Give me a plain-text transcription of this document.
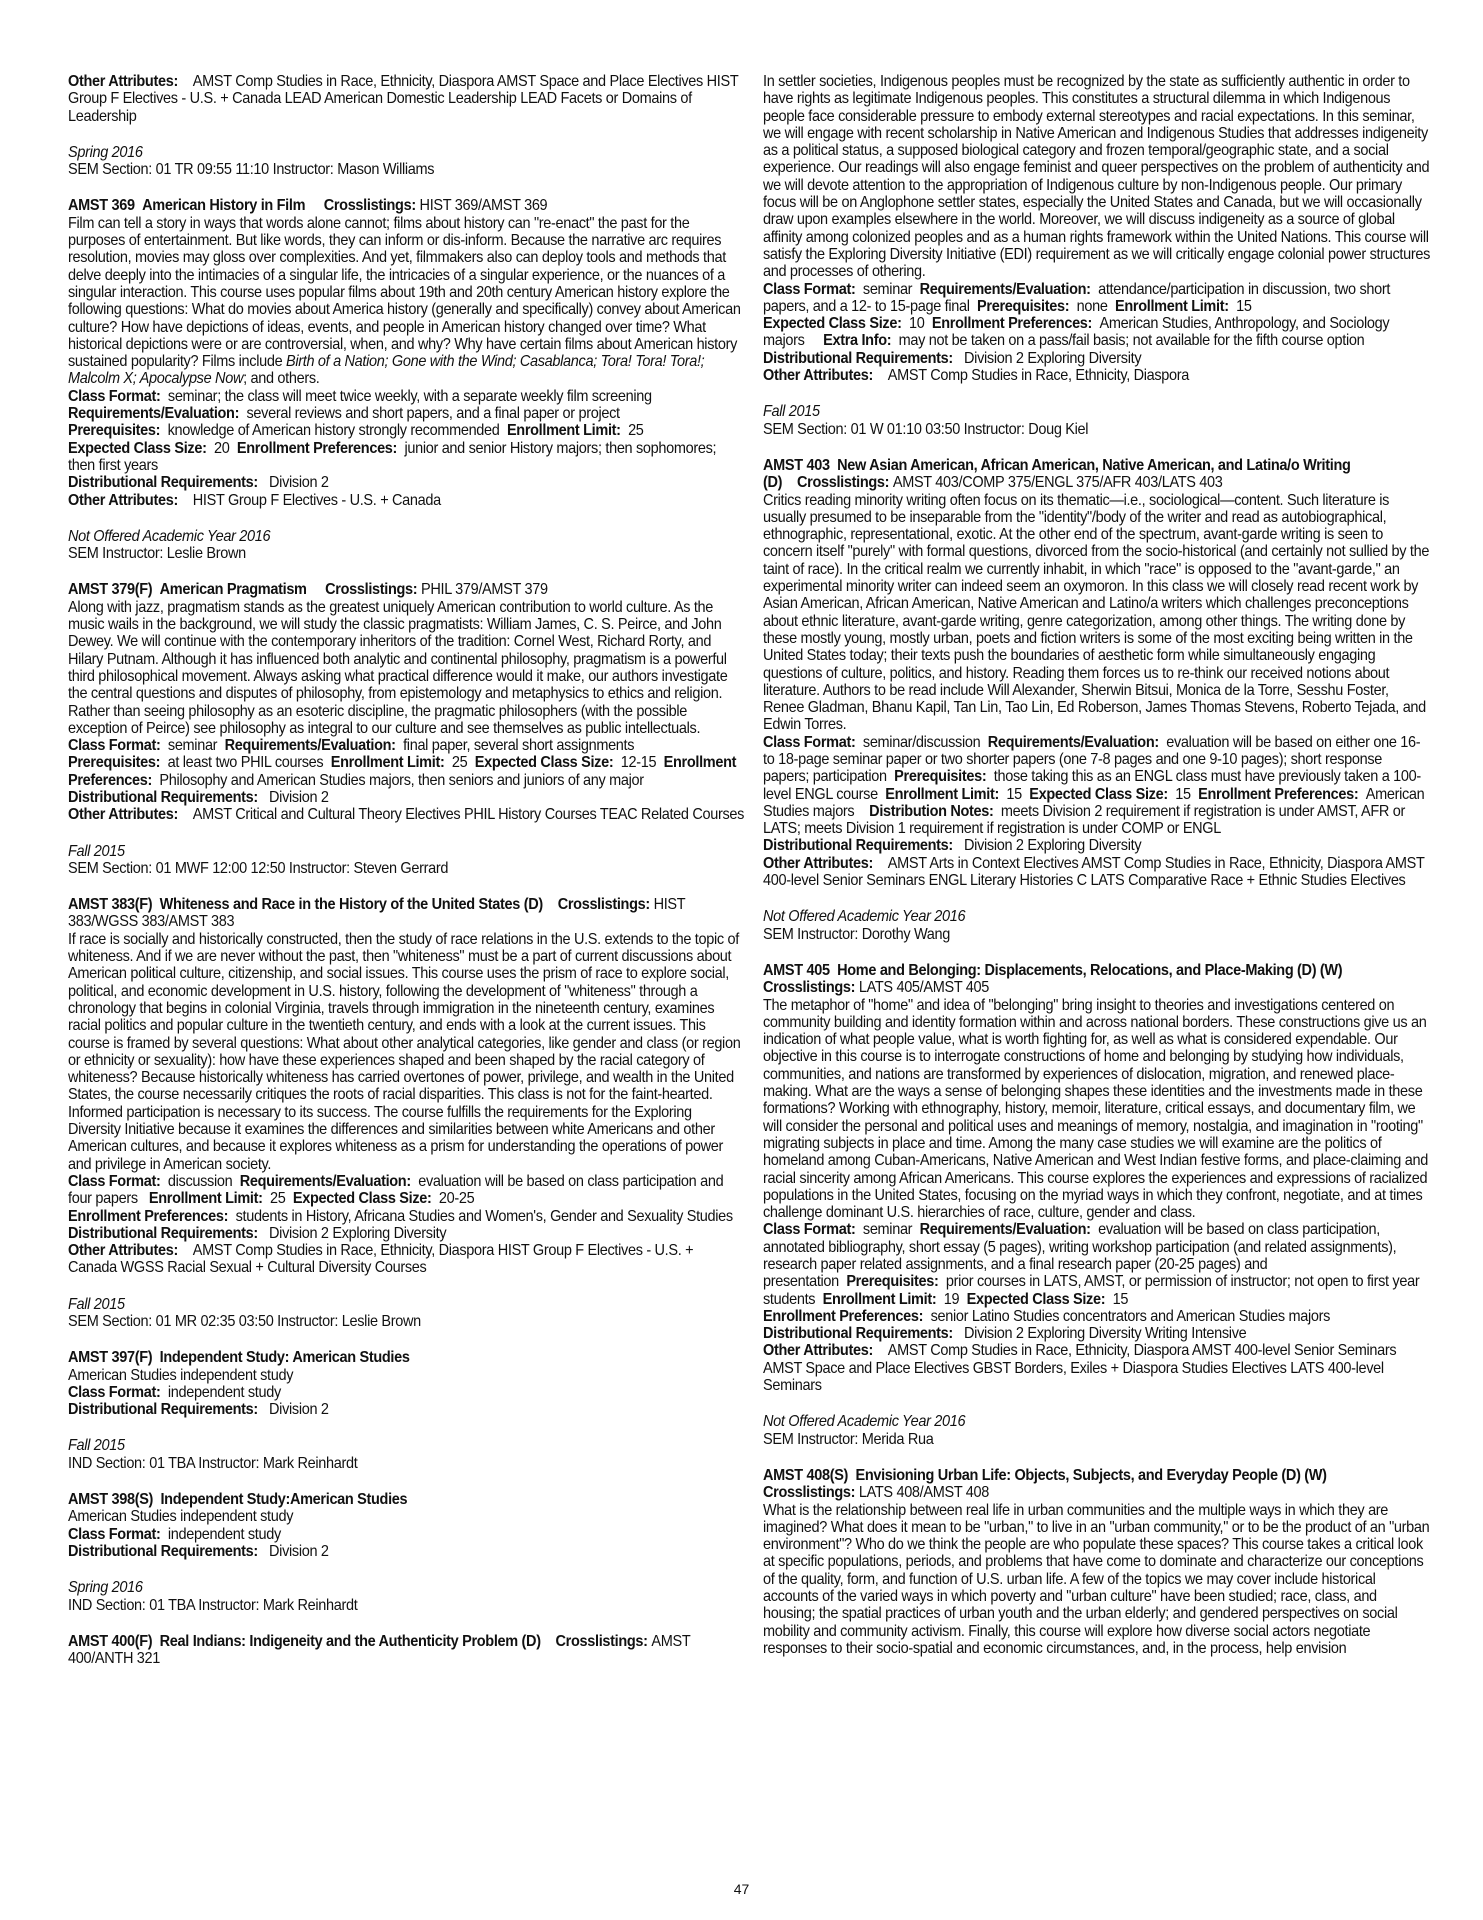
Other Attributes: AMST Comp Studies in Race, Ethnicity, Diaspora AMST Space and Place Electives HIST Group F Electives - U.S. + Canada LEAD American Domestic Leadership LEAD Facets or Domains of Leadership

Spring 2016
SEM Section: 01 TR 09:55 11:10 Instructor: Mason Williams

AMST 369 American History in Film Crosslistings: HIST 369/AMST 369

Film can tell a story in ways that words alone cannot; films about history can "re-enact" the past for the purposes of entertainment. But like words, they can inform or dis-inform. Because the narrative arc requires resolution, movies may gloss over complexities. And yet, filmmakers also can deploy tools and methods that delve deeply into the intimacies of a singular life, the intricacies of a singular experience, or the nuances of a singular interaction. This course uses popular films about 19th and 20th century American history explore the following questions: What do movies about America history (generally and specifically) convey about American culture? How have depictions of ideas, events, and people in American history changed over time? What historical depictions were or are controversial, when, and why? Why have certain films about American history sustained popularity? Films include Birth of a Nation; Gone with the Wind; Casablanca; Tora! Tora! Tora!; Malcolm X; Apocalypse Now; and others.

Class Format: seminar; the class will meet twice weekly, with a separate weekly film screening
Requirements/Evaluation: several reviews and short papers, and a final paper or project
Prerequisites: knowledge of American history strongly recommended Enrollment Limit: 25
Expected Class Size: 20 Enrollment Preferences: junior and senior History majors; then sophomores; then first years
Distributional Requirements: Division 2
Other Attributes: HIST Group F Electives - U.S. + Canada

Not Offered Academic Year 2016
SEM Instructor: Leslie Brown

AMST 379(F) American Pragmatism Crosslistings: PHIL 379/AMST 379

Along with jazz, pragmatism stands as the greatest uniquely American contribution to world culture. As the music wails in the background, we will study the classic pragmatists: William James, C. S. Peirce, and John Dewey. We will continue with the contemporary inheritors of the tradition: Cornel West, Richard Rorty, and Hilary Putnam. Although it has influenced both analytic and continental philosophy, pragmatism is a powerful third philosophical movement. Always asking what practical difference would it make, our authors investigate the central questions and disputes of philosophy, from epistemology and metaphysics to ethics and religion. Rather than seeing philosophy as an esoteric discipline, the pragmatic philosophers (with the possible exception of Peirce) see philosophy as integral to our culture and see themselves as public intellectuals.

Class Format: seminar Requirements/Evaluation: final paper, several short assignments
Prerequisites: at least two PHIL courses Enrollment Limit: 25 Expected Class Size: 12-15 Enrollment Preferences: Philosophy and American Studies majors, then seniors and juniors of any major
Distributional Requirements: Division 2
Other Attributes: AMST Critical and Cultural Theory Electives PHIL History Courses TEAC Related Courses

Fall 2015
SEM Section: 01 MWF 12:00 12:50 Instructor: Steven Gerrard

AMST 383(F) Whiteness and Race in the History of the United States (D) Crosslistings: HIST 383/WGSS 383/AMST 383

If race is socially and historically constructed, then the study of race relations in the U.S. extends to the topic of whiteness. And if we are never without the past, then "whiteness" must be a part of current discussions about American political culture, citizenship, and social issues. This course uses the prism of race to explore social, political, and economic development in U.S. history, following the development of "whiteness" through a chronology that begins in colonial Virginia, travels through immigration in the nineteenth century, examines racial politics and popular culture in the twentieth century, and ends with a look at the current issues. This course is framed by several questions: What about other analytical categories, like gender and class (or region or ethnicity or sexuality): how have these experiences shaped and been shaped by the racial category of whiteness? Because historically whiteness has carried overtones of power, privilege, and wealth in the United States, the course necessarily critiques the roots of racial disparities. This class is not for the faint-hearted. Informed participation is necessary to its success. The course fulfills the requirements for the Exploring Diversity Initiative because it examines the differences and similarities between white Americans and other American cultures, and because it explores whiteness as a prism for understanding the operations of power and privilege in American society.

Class Format: discussion Requirements/Evaluation: evaluation will be based on class participation and four papers Enrollment Limit: 25 Expected Class Size: 20-25
Enrollment Preferences: students in History, Africana Studies and Women's, Gender and Sexuality Studies
Distributional Requirements: Division 2 Exploring Diversity
Other Attributes: AMST Comp Studies in Race, Ethnicity, Diaspora HIST Group F Electives - U.S. + Canada WGSS Racial Sexual + Cultural Diversity Courses

Fall 2015
SEM Section: 01 MR 02:35 03:50 Instructor: Leslie Brown

AMST 397(F) Independent Study: American Studies

American Studies independent study

Class Format: independent study
Distributional Requirements: Division 2

Fall 2015
IND Section: 01 TBA Instructor: Mark Reinhardt

AMST 398(S) Independent Study:American Studies

American Studies independent study

Class Format: independent study
Distributional Requirements: Division 2

Spring 2016
IND Section: 01 TBA Instructor: Mark Reinhardt

AMST 400(F) Real Indians: Indigeneity and the Authenticity Problem (D) Crosslistings: AMST 400/ANTH 321

In settler societies, Indigenous peoples must be recognized by the state as sufficiently authentic in order to have rights as legitimate Indigenous peoples. This constitutes a structural dilemma in which Indigenous people face considerable pressure to embody external stereotypes and racial expectations. In this seminar, we will engage with recent scholarship in Native American and Indigenous Studies that addresses indigeneity as a political status, a supposed biological category and frozen temporal/geographic state, and a social experience. Our readings will also engage feminist and queer perspectives on the problem of authenticity and we will devote attention to the appropriation of Indigenous culture by non-Indigenous people. Our primary focus will be on Anglophone settler states, especially the United States and Canada, but we will occasionally draw upon examples elsewhere in the world. Moreover, we will discuss indigeneity as a source of global affinity among colonized peoples and as a human rights framework within the United Nations. This course will satisfy the Exploring Diversity Initiative (EDI) requirement as we will critically engage colonial power structures and processes of othering.

Class Format: seminar Requirements/Evaluation: attendance/participation in discussion, two short papers, and a 12- to 15-page final Prerequisites: none Enrollment Limit: 15
Expected Class Size: 10 Enrollment Preferences: American Studies, Anthropology, and Sociology majors Extra Info: may not be taken on a pass/fail basis; not available for the fifth course option
Distributional Requirements: Division 2 Exploring Diversity
Other Attributes: AMST Comp Studies in Race, Ethnicity, Diaspora

Fall 2015
SEM Section: 01 W 01:10 03:50 Instructor: Doug Kiel

AMST 403 New Asian American, African American, Native American, and Latina/o Writing (D) Crosslistings: AMST 403/COMP 375/ENGL 375/AFR 403/LATS 403

Critics reading minority writing often focus on its thematic—i.e., sociological—content. Such literature is usually presumed to be inseparable from the "identity"/body of the writer and read as autobiographical, ethnographic, representational, exotic. At the other end of the spectrum, avant-garde writing is seen to concern itself "purely" with formal questions, divorced from the socio-historical (and certainly not sullied by the taint of race). In the critical realm we currently inhabit, in which "race" is opposed to the "avant-garde," an experimental minority writer can indeed seem an oxymoron. In this class we will closely read recent work by Asian American, African American, Native American and Latino/a writers which challenges preconceptions about ethnic literature, avant-garde writing, genre categorization, among other things. The writing done by these mostly young, mostly urban, poets and fiction writers is some of the most exciting being written in the United States today; their texts push the boundaries of aesthetic form while simultaneously engaging questions of culture, politics, and history. Reading them forces us to re-think our received notions about literature. Authors to be read include Will Alexander, Sherwin Bitsui, Monica de la Torre, Sesshu Foster, Renee Gladman, Bhanu Kapil, Tan Lin, Tao Lin, Ed Roberson, James Thomas Stevens, Roberto Tejada, and Edwin Torres.

Class Format: seminar/discussion Requirements/Evaluation: evaluation will be based on either one 16- to 18-page seminar paper or two shorter papers (one 7-8 pages and one 9-10 pages); short response papers; participation Prerequisites: those taking this as an ENGL class must have previously taken a 100-level ENGL course Enrollment Limit: 15 Expected Class Size: 15 Enrollment Preferences: American Studies majors Distribution Notes: meets Division 2 requirement if registration is under AMST, AFR or LATS; meets Division 1 requirement if registration is under COMP or ENGL
Distributional Requirements: Division 2 Exploring Diversity
Other Attributes: AMST Arts in Context Electives AMST Comp Studies in Race, Ethnicity, Diaspora AMST 400-level Senior Seminars ENGL Literary Histories C LATS Comparative Race + Ethnic Studies Electives

Not Offered Academic Year 2016
SEM Instructor: Dorothy Wang

AMST 405 Home and Belonging: Displacements, Relocations, and Place-Making (D) (W)
Crosslistings: LATS 405/AMST 405

The metaphor of "home" and idea of "belonging" bring insight to theories and investigations centered on community building and identity formation within and across national borders. These constructions give us an indication of what people value, what is worth fighting for, as well as what is considered expendable. Our objective in this course is to interrogate constructions of home and belonging by studying how individuals, communities, and nations are transformed by experiences of dislocation, migration, and renewed place-making. What are the ways a sense of belonging shapes these identities and the investments made in these formations? Working with ethnography, history, memoir, literature, critical essays, and documentary film, we will consider the personal and political uses and meanings of memory, nostalgia, and imagination in "rooting" migrating subjects in place and time. Among the many case studies we will examine are the politics of homeland among Cuban-Americans, Native American and West Indian festive forms, and place-claiming and racial sincerity among African Americans. This course explores the experiences and expressions of racialized populations in the United States, focusing on the myriad ways in which they confront, negotiate, and at times challenge dominant U.S. hierarchies of race, culture, gender and class.

Class Format: seminar Requirements/Evaluation: evaluation will be based on class participation, annotated bibliography, short essay (5 pages), writing workshop participation (and related assignments), research paper related assignments, and a final research paper (20-25 pages) and presentation Prerequisites: prior courses in LATS, AMST, or permission of instructor; not open to first year students Enrollment Limit: 19 Expected Class Size: 15
Enrollment Preferences: senior Latino Studies concentrators and American Studies majors
Distributional Requirements: Division 2 Exploring Diversity Writing Intensive
Other Attributes: AMST Comp Studies in Race, Ethnicity, Diaspora AMST 400-level Senior Seminars AMST Space and Place Electives GBST Borders, Exiles + Diaspora Studies Electives LATS 400-level Seminars

Not Offered Academic Year 2016
SEM Instructor: Merida Rua

AMST 408(S) Envisioning Urban Life: Objects, Subjects, and Everyday People (D) (W)
Crosslistings: LATS 408/AMST 408

What is the relationship between real life in urban communities and the multiple ways in which they are imagined? What does it mean to be "urban," to live in an "urban community," or to be the product of an "urban environment"? Who do we think the people are who populate these spaces? This course takes a critical look at specific populations, periods, and problems that have come to dominate and characterize our conceptions of the quality, form, and function of U.S. urban life. A few of the topics we may cover include historical accounts of the varied ways in which poverty and "urban culture" have been studied; race, class, and housing; the spatial practices of urban youth and the urban elderly; and gendered perspectives on social mobility and community activism. Finally, this course will explore how diverse social actors negotiate responses to their socio-spatial and economic circumstances, and, in the process, help envision

47
